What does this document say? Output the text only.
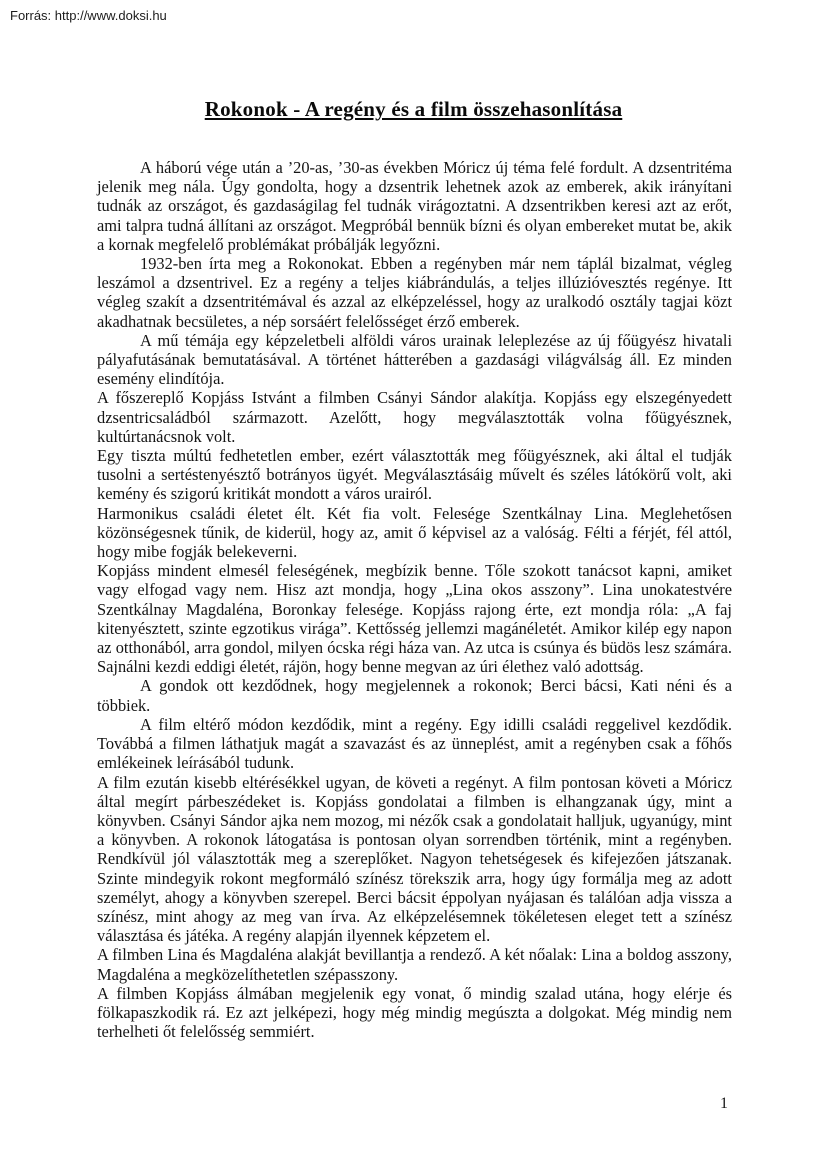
Forrás: http://www.doksi.hu
Rokonok - A regény és a film összehasonlítása

A háború vége után a ’20-as, ’30-as években Móricz új téma felé fordult. A dzsentritéma jelenik meg nála. Úgy gondolta, hogy a dzsentrik lehetnek azok az emberek, akik irányítani tudnák az országot, és gazdaságilag fel tudnák virágoztatni. A dzsentrikben keresi azt az erőt, ami talpra tudná állítani az országot. Megpróbál bennük bízni és olyan embereket mutat be, akik a kornak megfelelő problémákat próbálják legyőzni.

1932-ben írta meg a Rokonokat. Ebben a regényben már nem táplál bizalmat, végleg leszámol a dzsentrivel. Ez a regény a teljes kiábrándulás, a teljes illúzióvesztés regénye. Itt végleg szakít a dzsentritémával és azzal az elképzeléssel, hogy az uralkodó osztály tagjai közt akadhatnak becsületes, a nép sorsáért felelősséget érző emberek.

A mű témája egy képzeletbeli alföldi város urainak leleplezése az új főügyész hivatali pályafutásának bemutatásával. A történet hátterében a gazdasági világválság áll. Ez minden esemény elindítója.

A főszereplő Kopjáss Istvánt a filmben Csányi Sándor alakítja. Kopjáss egy elszegényedett dzsentricsaládból származott. Azelőtt, hogy megválasztották volna főügyésznek, kultúrtanácsnok volt.

Egy tiszta múltú fedhetetlen ember, ezért választották meg főügyésznek, aki által el tudják tusolni a sertéstenyésztő botrányos ügyét. Megválasztásáig művelt és széles látókörű volt, aki kemény és szigorú kritikát mondott a város urairól.

Harmonikus családi életet élt. Két fia volt. Felesége Szentkálnay Lina. Meglehetősen közönségesnek tűnik, de kiderül, hogy az, amit ő képvisel az a valóság. Félti a férjét, fél attól, hogy mibe fogják belekeverni.

Kopjáss mindent elmesél feleségének, megbízik benne. Tőle szokott tanácsot kapni, amiket vagy elfogad vagy nem. Hisz azt mondja, hogy „Lina okos asszony”. Lina unokatestvére Szentkálnay Magdaléna, Boronkay felesége. Kopjáss rajong érte, ezt mondja róla: „A faj kitenyésztett, szinte egzotikus virága”. Kettősség jellemzi magánéletét. Amikor kilép egy napon az otthonából, arra gondol, milyen ócska régi háza van. Az utca is csúnya és büdös lesz számára. Sajnálni kezdi eddigi életét, rájön, hogy benne megvan az úri élethez való adottság.

A gondok ott kezdődnek, hogy megjelennek a rokonok; Berci bácsi, Kati néni és a többiek.

A film eltérő módon kezdődik, mint a regény. Egy idilli családi reggelivel kezdődik. Továbbá a filmen láthatjuk magát a szavazást és az ünneplést, amit a regényben csak a főhős emlékeinek leírásából tudunk.

A film ezután kisebb eltérésékkel ugyan, de követi a regényt. A film pontosan követi a Móricz által megírt párbeszédeket is. Kopjáss gondolatai a filmben is elhangzanak úgy, mint a könyvben. Csányi Sándor ajka nem mozog, mi nézők csak a gondolatait halljuk, ugyanúgy, mint a könyvben. A rokonok látogatása is pontosan olyan sorrendben történik, mint a regényben. Rendkívül jól választották meg a szereplőket. Nagyon tehetségesek és kifejezően játszanak. Szinte mindegyik rokont megformáló színész törekszik arra, hogy úgy formálja meg az adott személyt, ahogy a könyvben szerepel. Berci bácsit éppolyan nyájasan és találóan adja vissza a színész, mint ahogy az meg van írva. Az elképzelésemnek tökéletesen eleget tett a színész választása és játéka. A regény alapján ilyennek képzetem el.

A filmben Lina és Magdaléna alakját bevillantja a rendező. A két nőalak: Lina a boldog asszony, Magdaléna a megközelíthetetlen szépasszony.

A filmben Kopjáss álmában megjelenik egy vonat, ő mindig szalad utána, hogy elérje és fölkapaszkodik rá. Ez azt jelképezi, hogy még mindig megúszta a dolgokat. Még mindig nem terhelheti őt felelősség semmiért.

1
